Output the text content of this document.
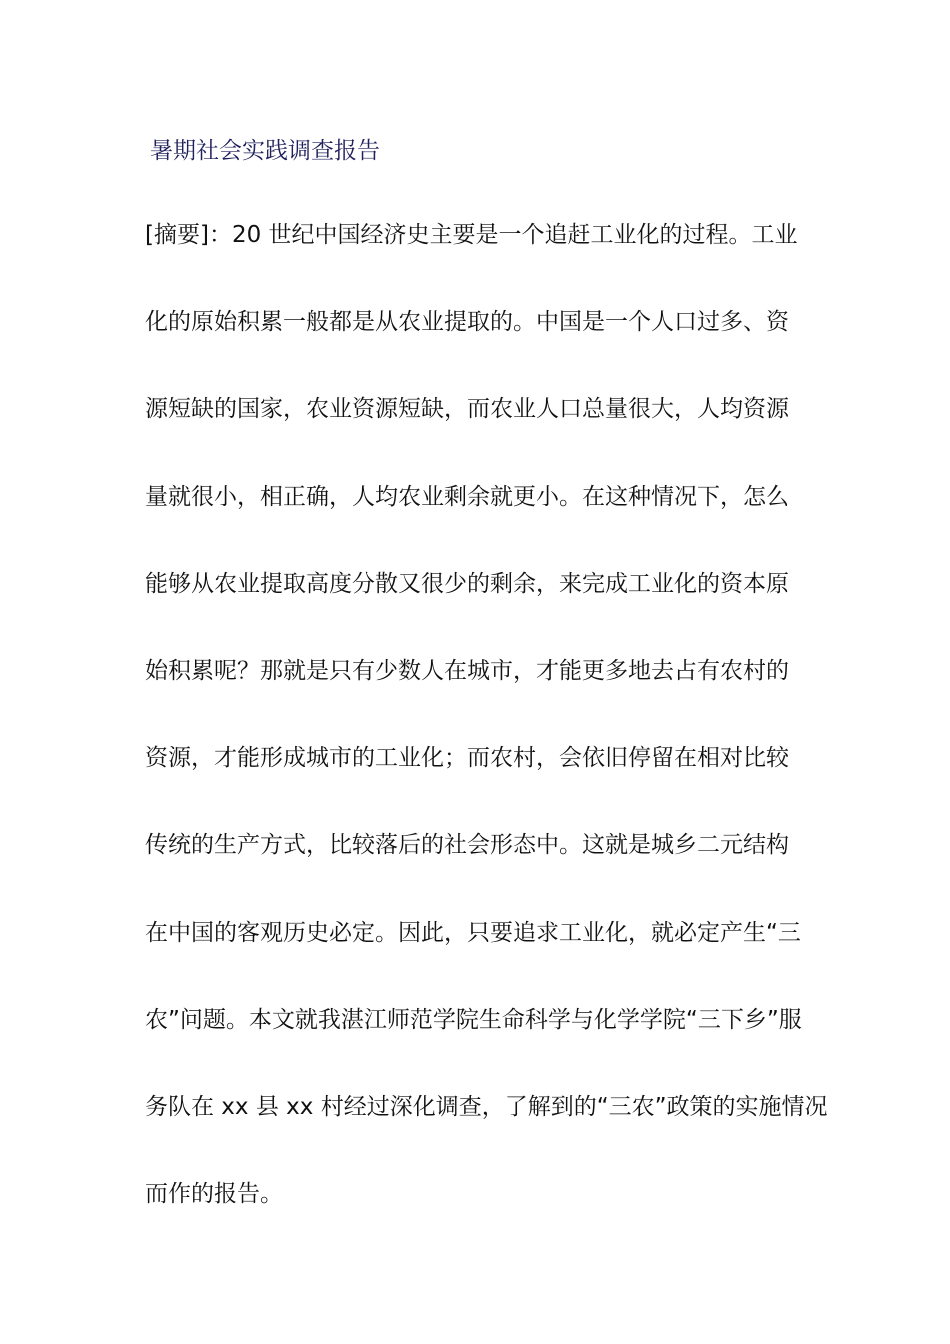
暑期社会实践调查报告
[摘要]：20 世纪中国经济史主要是一个追赶工业化的过程。工业
化的原始积累一般都是从农业提取的。中国是一个人口过多、资
源短缺的国家，农业资源短缺，而农业人口总量很大，人均资源
量就很小，相正确，人均农业剩余就更小。在这种情况下，怎么
能够从农业提取高度分散又很少的剩余，来完成工业化的资本原
始积累呢？那就是只有少数人在城市，才能更多地去占有农村的
资源，才能形成城市的工业化；而农村，会依旧停留在相对比较
传统的生产方式，比较落后的社会形态中。这就是城乡二元结构
在中国的客观历史必定。因此，只要追求工业化，就必定产生“三
农”问题。本文就我湛江师范学院生命科学与化学学院“三下乡”服
务队在 xx 县 xx 村经过深化调查，了解到的“三农”政策的实施情况
而作的报告。
